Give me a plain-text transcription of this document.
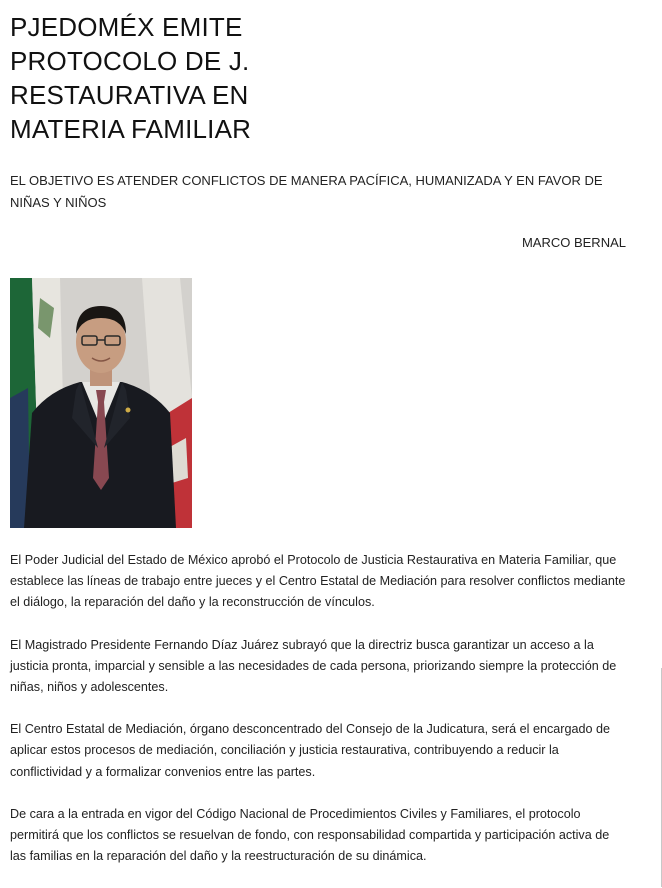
PJEDOMÉX EMITE PROTOCOLO DE J. RESTAURATIVA EN MATERIA FAMILIAR

EL OBJETIVO ES ATENDER CONFLICTOS DE MANERA PACÍFICA, HUMANIZADA Y EN FAVOR DE NIÑAS Y NIÑOS

MARCO BERNAL

El Poder Judicial del Estado de México aprobó el Protocolo de Justicia Restaurativa en Materia Familiar, que establece las líneas de trabajo entre jueces y el Centro Estatal de Mediación para resolver conflictos mediante el diálogo, la reparación del daño y la reconstrucción de vínculos.

El Magistrado Presidente Fernando Díaz Juárez subrayó que la directriz busca garantizar un acceso a la justicia pronta, imparcial y sensible a las necesidades de cada persona, priorizando siempre la protección de niñas, niños y adolescentes.

El Centro Estatal de Mediación, órgano desconcentrado del Consejo de la Judicatura, será el encargado de aplicar estos procesos de mediación, conciliación y justicia restaurativa, contribuyendo a reducir la conflictividad y a formalizar convenios entre las partes.

De cara a la entrada en vigor del Código Nacional de Procedimientos Civiles y Familiares, el protocolo permitirá que los conflictos se resuelvan de fondo, con responsabilidad compartida y participación activa de las familias en la reparación del daño y la reestructuración de su dinámica.
